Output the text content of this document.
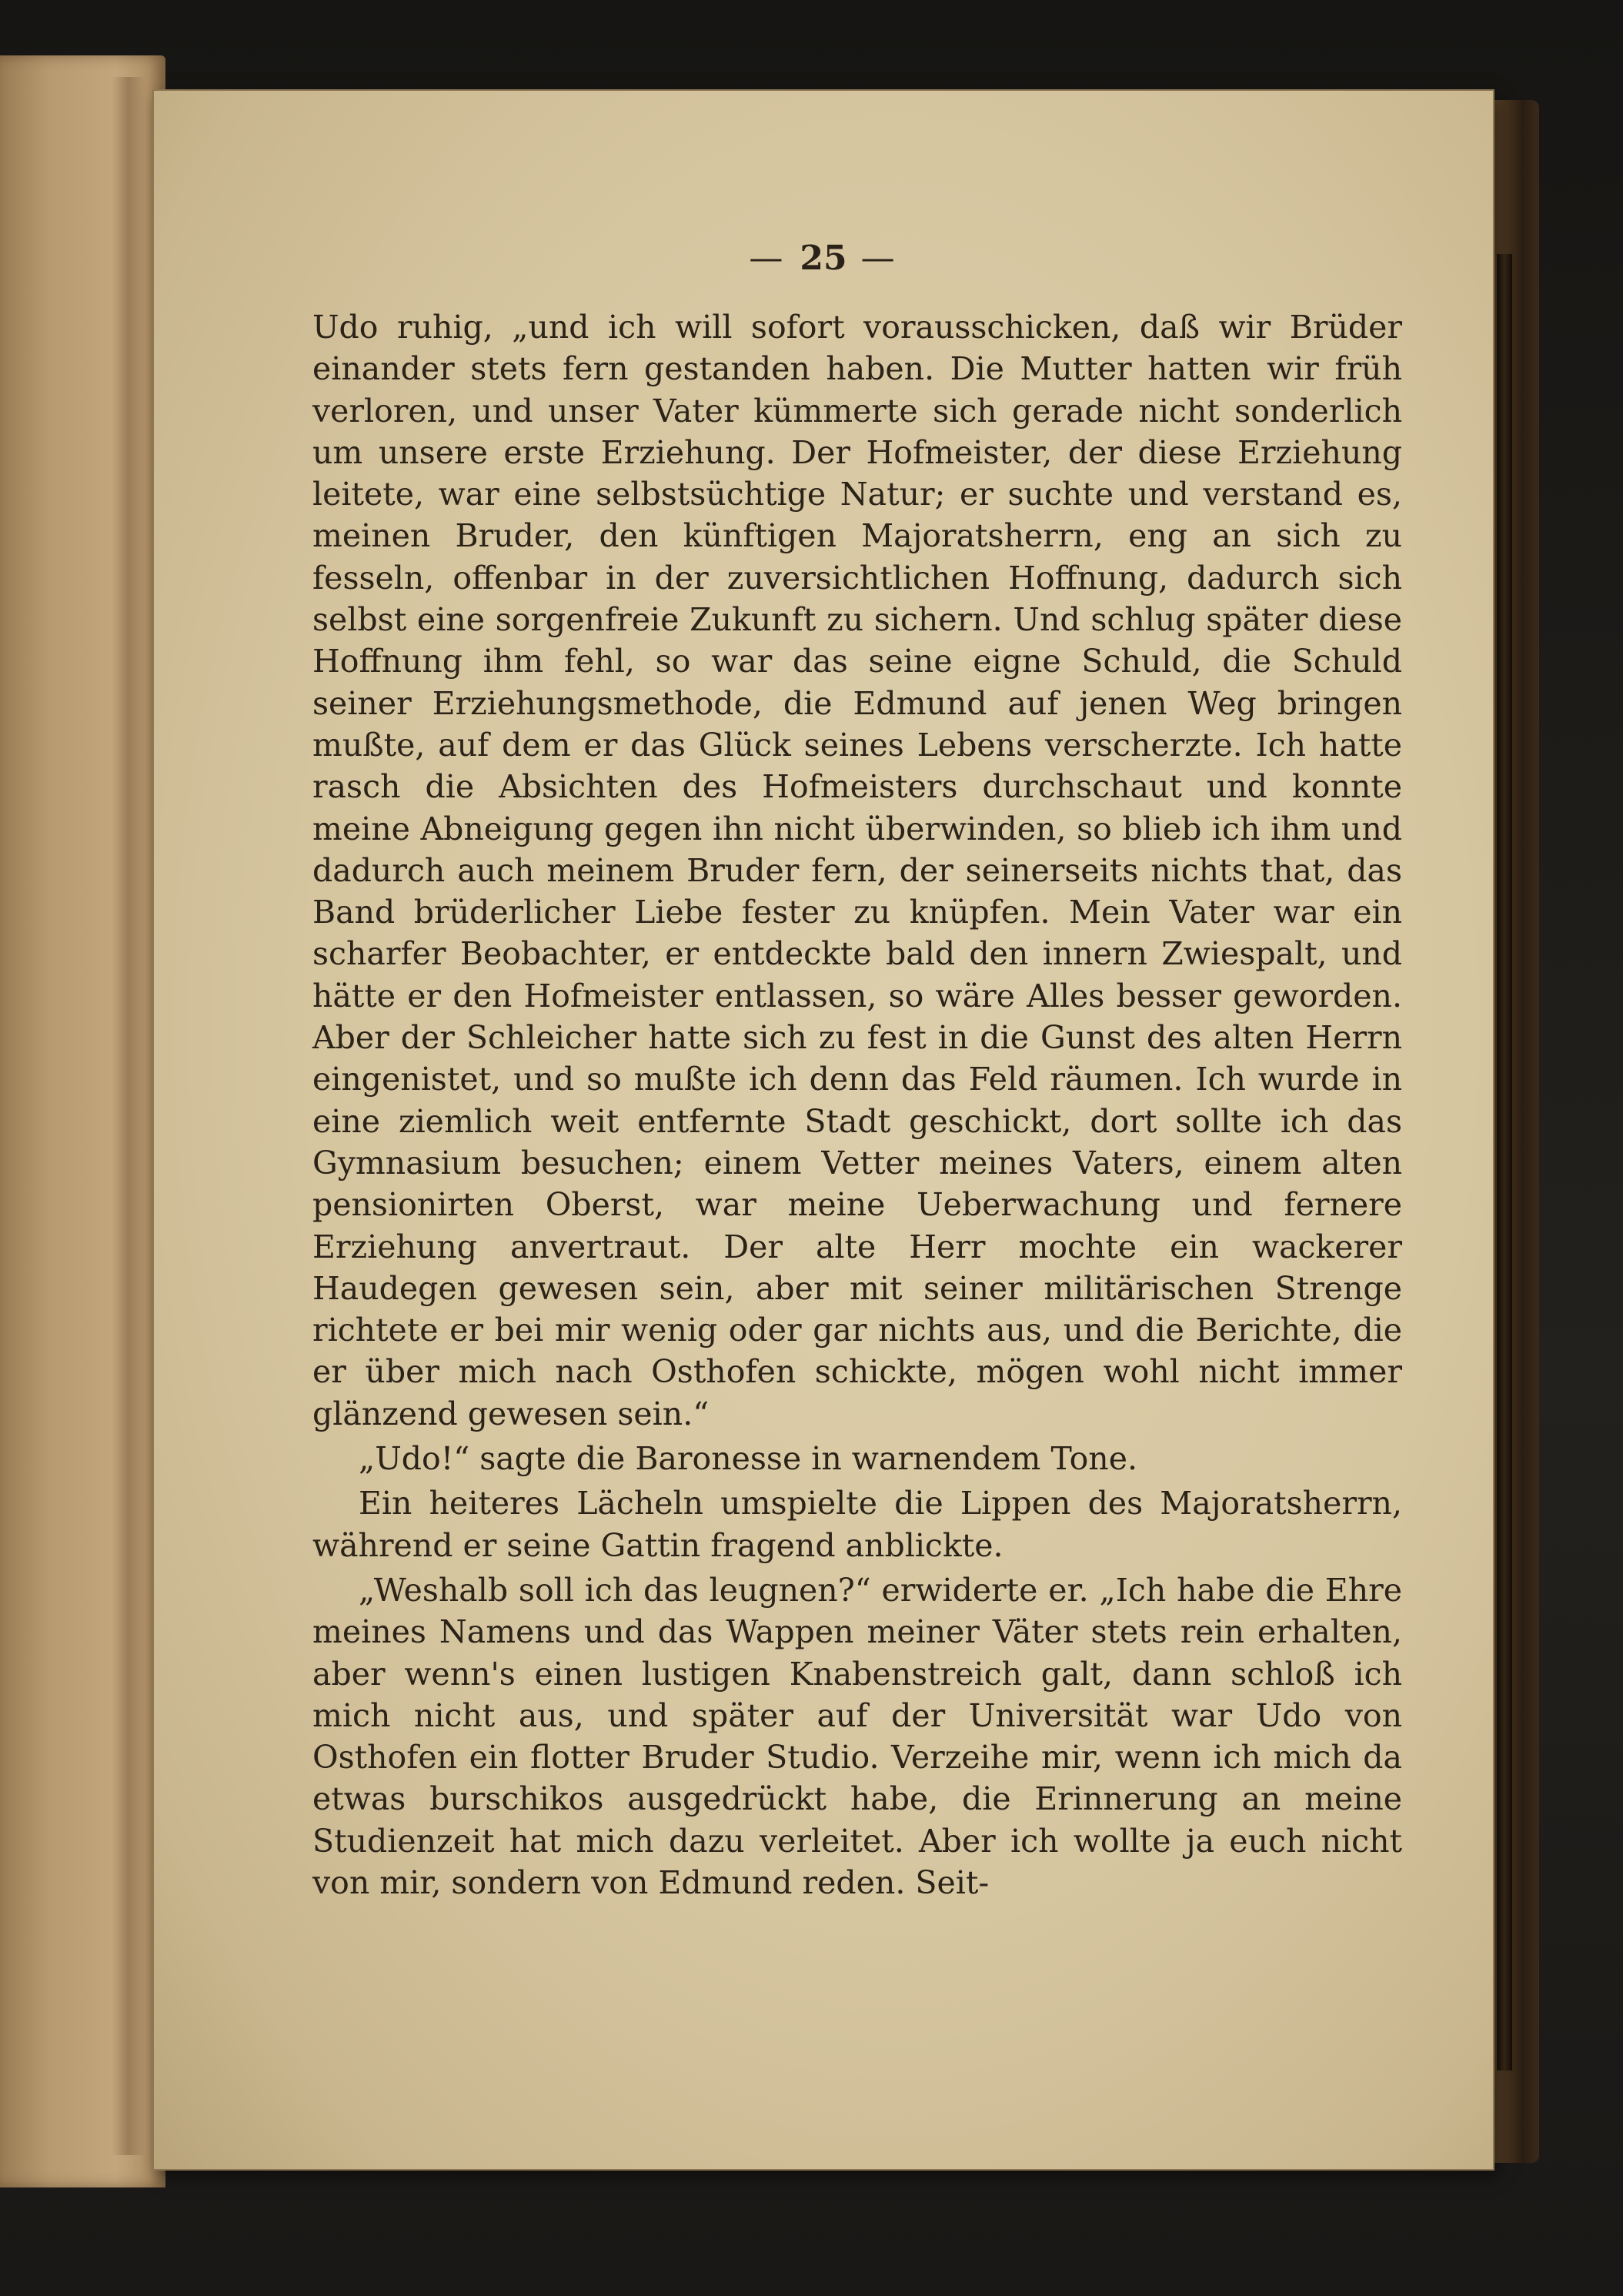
— 25 —

Udo ruhig, „und ich will sofort vorausschicken, daß wir Brüder einander stets fern gestanden haben. Die Mutter hatten wir früh verloren, und unser Vater kümmerte sich gerade nicht sonderlich um unsere erste Erziehung. Der Hofmeister, der diese Erziehung leitete, war eine selbstsüchtige Natur; er suchte und verstand es, meinen Bruder, den künftigen Majoratsherrn, eng an sich zu fesseln, offenbar in der zuversichtlichen Hoffnung, dadurch sich selbst eine sorgenfreie Zukunft zu sichern. Und schlug später diese Hoffnung ihm fehl, so war das seine eigne Schuld, die Schuld seiner Erziehungsmethode, die Edmund auf jenen Weg bringen mußte, auf dem er das Glück seines Lebens verscherzte. Ich hatte rasch die Absichten des Hofmeisters durchschaut und konnte meine Abneigung gegen ihn nicht überwinden, so blieb ich ihm und dadurch auch meinem Bruder fern, der seinerseits nichts that, das Band brüderlicher Liebe fester zu knüpfen. Mein Vater war ein scharfer Beobachter, er entdeckte bald den innern Zwiespalt, und hätte er den Hofmeister entlassen, so wäre Alles besser geworden. Aber der Schleicher hatte sich zu fest in die Gunst des alten Herrn eingenistet, und so mußte ich denn das Feld räumen. Ich wurde in eine ziemlich weit entfernte Stadt geschickt, dort sollte ich das Gymnasium besuchen; einem Vetter meines Vaters, einem alten pensionirten Oberst, war meine Ueberwachung und fernere Erziehung anvertraut. Der alte Herr mochte ein wackerer Haudegen gewesen sein, aber mit seiner militärischen Strenge richtete er bei mir wenig oder gar nichts aus, und die Berichte, die er über mich nach Osthofen schickte, mögen wohl nicht immer glänzend gewesen sein.“

„Udo!“ sagte die Baronesse in warnendem Tone.

Ein heiteres Lächeln umspielte die Lippen des Majoratsherrn, während er seine Gattin fragend anblickte.

„Weshalb soll ich das leugnen?“ erwiderte er. „Ich habe die Ehre meines Namens und das Wappen meiner Väter stets rein erhalten, aber wenn's einen lustigen Knabenstreich galt, dann schloß ich mich nicht aus, und später auf der Universität war Udo von Osthofen ein flotter Bruder Studio. Verzeihe mir, wenn ich mich da etwas burschikos ausgedrückt habe, die Erinnerung an meine Studienzeit hat mich dazu verleitet. Aber ich wollte ja euch nicht von mir, sondern von Edmund reden. Seit-
